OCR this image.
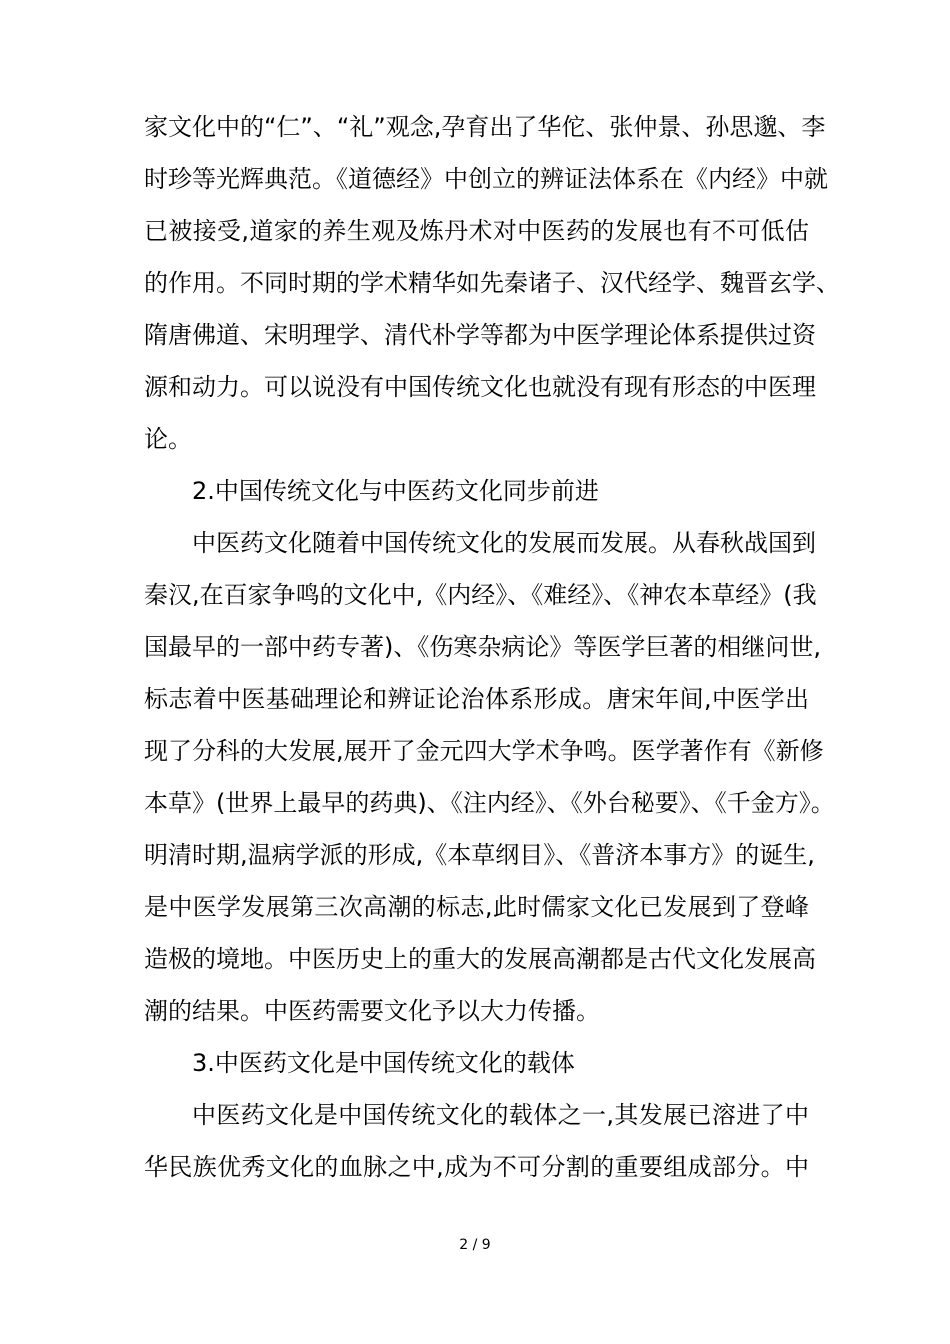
家文化中的“仁”、“礼”观念,孕育出了华佗、张仲景、孙思邈、李
时珍等光辉典范。《道德经》中创立的辨证法体系在《内经》中就
已被接受,道家的养生观及炼丹术对中医药的发展也有不可低估
的作用。不同时期的学术精华如先秦诸子、汉代经学、魏晋玄学、
隋唐佛道、宋明理学、清代朴学等都为中医学理论体系提供过资
源和动力。可以说没有中国传统文化也就没有现有形态的中医理
论。
2.中国传统文化与中医药文化同步前进
中医药文化随着中国传统文化的发展而发展。从春秋战国到
秦汉,在百家争鸣的文化中,《内经》、《难经》、《神农本草经》(我
国最早的一部中药专著)、《伤寒杂病论》等医学巨著的相继问世,
标志着中医基础理论和辨证论治体系形成。唐宋年间,中医学出
现了分科的大发展,展开了金元四大学术争鸣。医学著作有《新修
本草》(世界上最早的药典)、《注内经》、《外台秘要》、《千金方》。
明清时期,温病学派的形成,《本草纲目》、《普济本事方》的诞生,
是中医学发展第三次高潮的标志,此时儒家文化已发展到了登峰
造极的境地。中医历史上的重大的发展高潮都是古代文化发展高
潮的结果。中医药需要文化予以大力传播。
3.中医药文化是中国传统文化的载体
中医药文化是中国传统文化的载体之一,其发展已溶进了中
华民族优秀文化的血脉之中,成为不可分割的重要组成部分。中
2 / 9
